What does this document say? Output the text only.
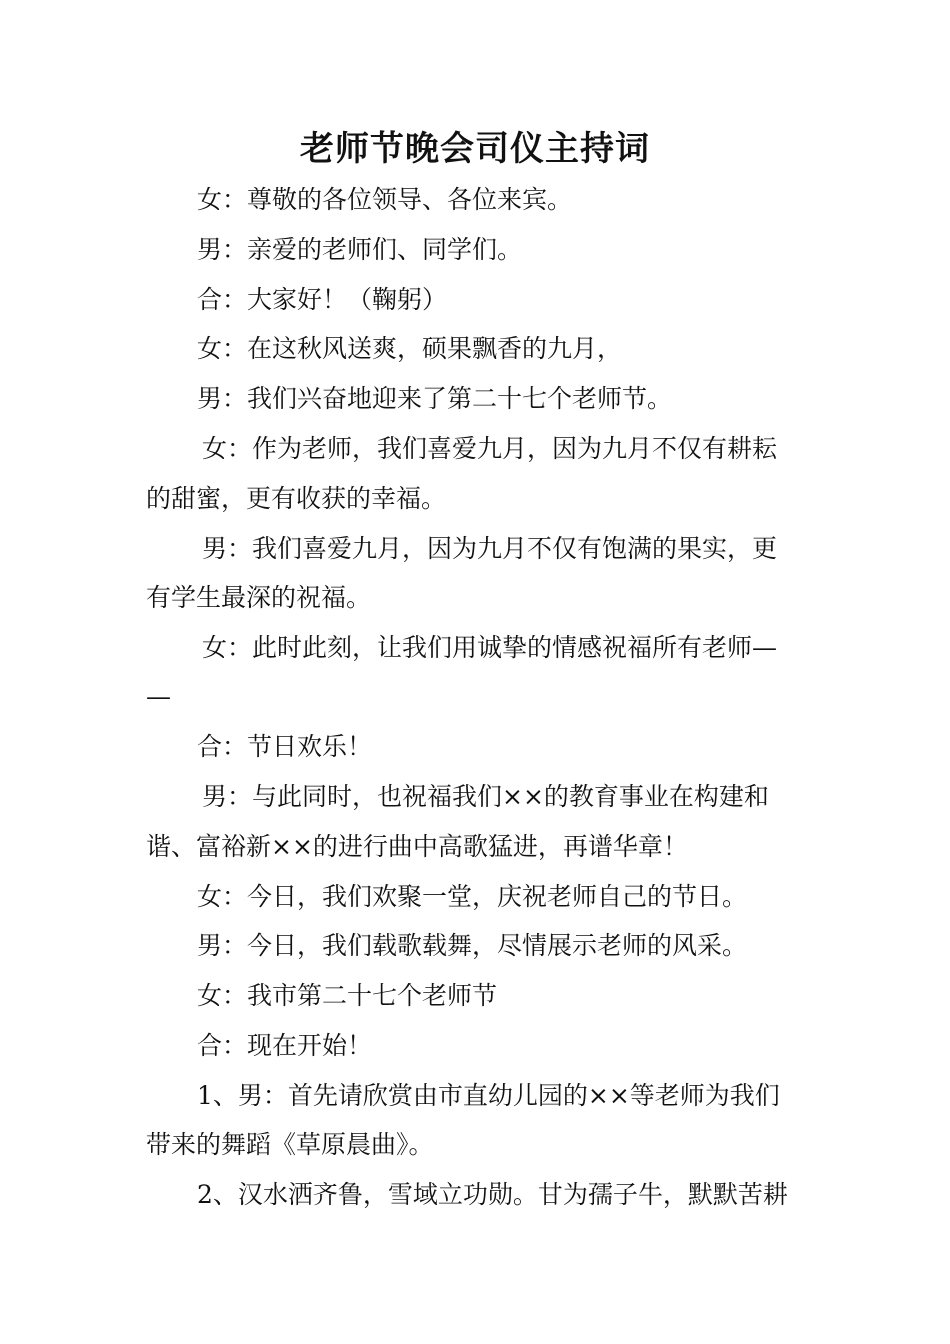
老师节晚会司仪主持词
女：尊敬的各位领导、各位来宾。
男：亲爱的老师们、同学们。
合：大家好！（鞠躬）
女：在这秋风送爽，硕果飘香的九月，
男：我们兴奋地迎来了第二十七个老师节。
女：作为老师，我们喜爱九月，因为九月不仅有耕耘
的甜蜜，更有收获的幸福。
男：我们喜爱九月，因为九月不仅有饱满的果实，更
有学生最深的祝福。
女：此时此刻，让我们用诚挚的情感祝福所有老师—
—
合：节日欢乐！
男：与此同时，也祝福我们××的教育事业在构建和
谐、富裕新××的进行曲中高歌猛进，再谱华章！
女：今日，我们欢聚一堂，庆祝老师自己的节日。
男：今日，我们载歌载舞，尽情展示老师的风采。
女：我市第二十七个老师节
合：现在开始！
1、男：首先请欣赏由市直幼儿园的××等老师为我们
带来的舞蹈《草原晨曲》。
2、汉水洒齐鲁，雪域立功勋。甘为孺子牛，默默苦耕
